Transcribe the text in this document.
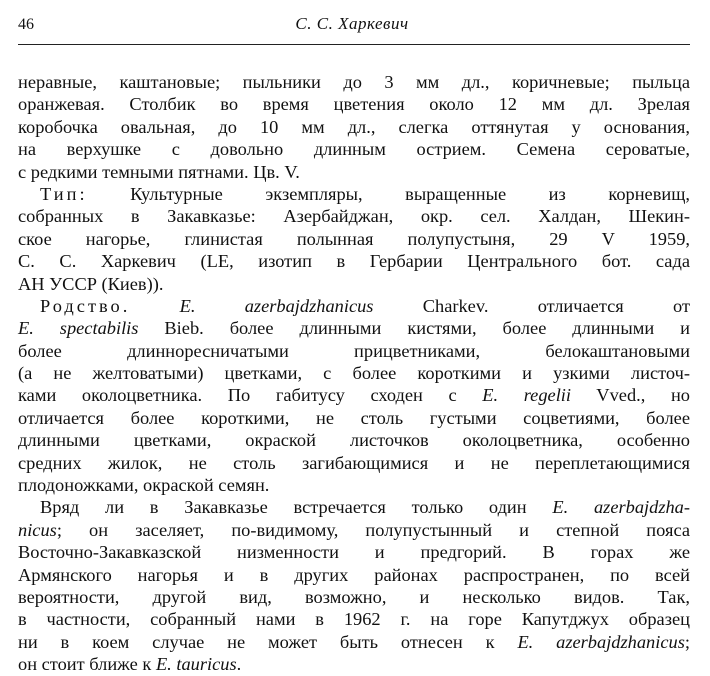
46	С. С. Харкевич
неравные, каштановые; пыльники до 3 мм дл., коричневые; пыльца
оранжевая. Столбик во время цветения около 12 мм дл. Зрелая
коробочка овальная, до 10 мм дл., слегка оттянутая у основания,
на верхушке с довольно длинным острием. Семена сероватые,
с редкими темными пятнами. Цв. V.
Тип: Культурные экземпляры, выращенные из корневищ,
собранных в Закавказье: Азербайджан, окр. сел. Халдан, Шекин-
ское нагорье, глинистая полынная полупустыня, 29 V 1959,
С. С. Харкевич (LE, изотип в Гербарии Центрального бот. сада
АН УССР (Киев)).
Родство.	E. azerbajdzhanicus Charkev. отличается от
E. spectabilis Bieb. более длинными кистями, более длинными и
более длинноресничатыми прицветниками, белокаштановыми
(а не желтоватыми) цветками, с более короткими и узкими листоч-
ками околоцветника. По габитусу сходен с E. regelii Vved., но
отличается более короткими, не столь густыми соцветиями, более
длинными цветками, окраской листочков околоцветника, особенно
средних жилок, не столь загибающимися и не переплетающимися
плодоножками, окраской семян.
Вряд ли в Закавказье встречается только один E. azerbajdzha-
nicus; он заселяет, по-видимому, полупустынный и степной пояса
Восточно-Закавказской низменности и предгорий. В горах же
Армянского нагорья и в других районах распространен, по всей
вероятности, другой вид, возможно, и несколько видов. Так,
в частности, собранный нами в 1962 г. на горе Капутджух образец
ни в коем случае не может быть отнесен к E. azerbajdzhanicus;
он стоит ближе к E. tauricus.
